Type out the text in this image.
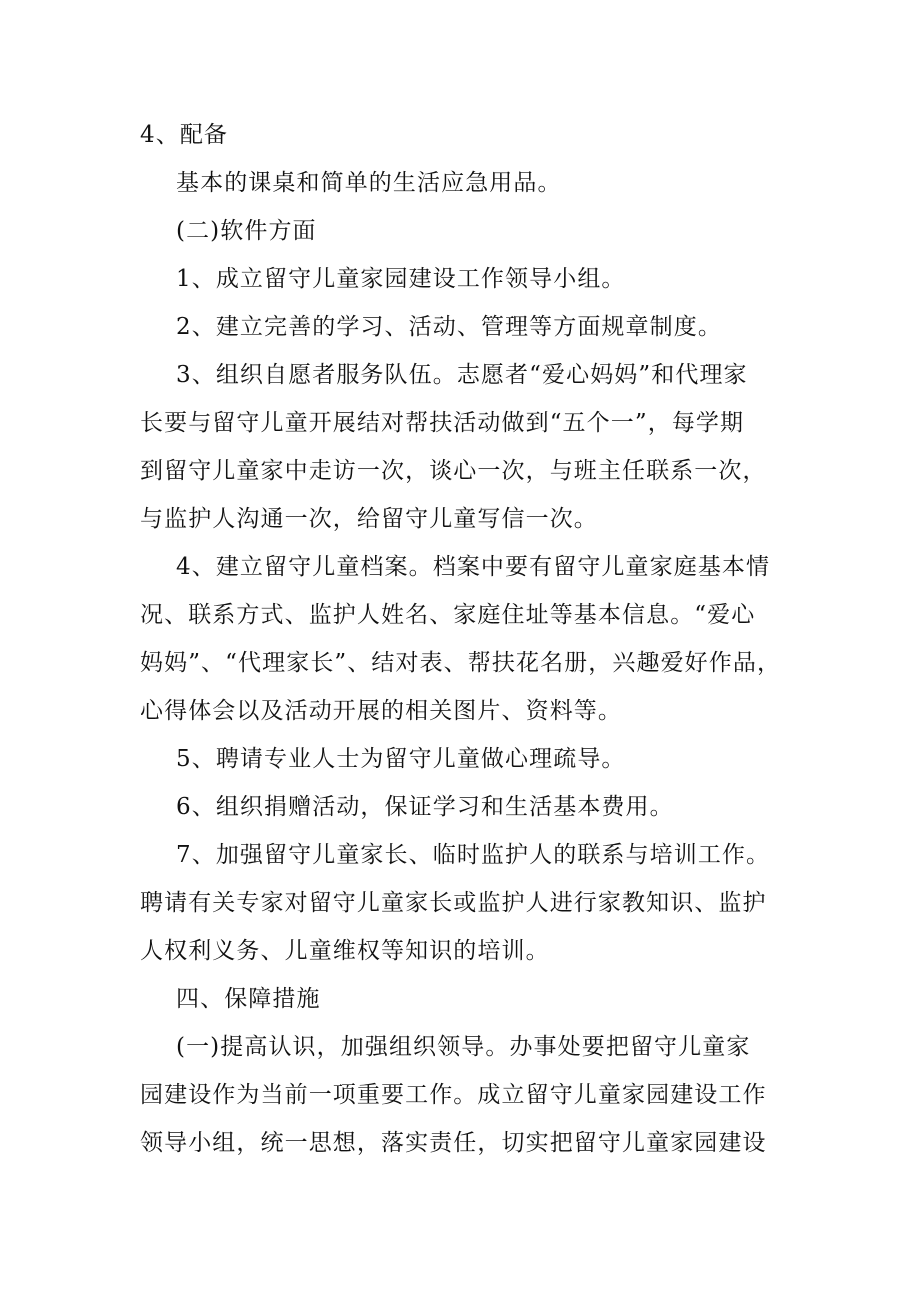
4、配备
基本的课桌和简单的生活应急用品。
(二)软件方面
1、成立留守儿童家园建设工作领导小组。
2、建立完善的学习、活动、管理等方面规章制度。
3、组织自愿者服务队伍。志愿者“爱心妈妈”和代理家
长要与留守儿童开展结对帮扶活动做到“五个一”，每学期
到留守儿童家中走访一次，谈心一次，与班主任联系一次，
与监护人沟通一次，给留守儿童写信一次。
4、建立留守儿童档案。档案中要有留守儿童家庭基本情
况、联系方式、监护人姓名、家庭住址等基本信息。“爱心
妈妈”、“代理家长”、结对表、帮扶花名册，兴趣爱好作品，
心得体会以及活动开展的相关图片、资料等。
5、聘请专业人士为留守儿童做心理疏导。
6、组织捐赠活动，保证学习和生活基本费用。
7、加强留守儿童家长、临时监护人的联系与培训工作。
聘请有关专家对留守儿童家长或监护人进行家教知识、监护
人权利义务、儿童维权等知识的培训。
四、保障措施
(一)提高认识，加强组织领导。办事处要把留守儿童家
园建设作为当前一项重要工作。成立留守儿童家园建设工作
领导小组，统一思想，落实责任，切实把留守儿童家园建设
